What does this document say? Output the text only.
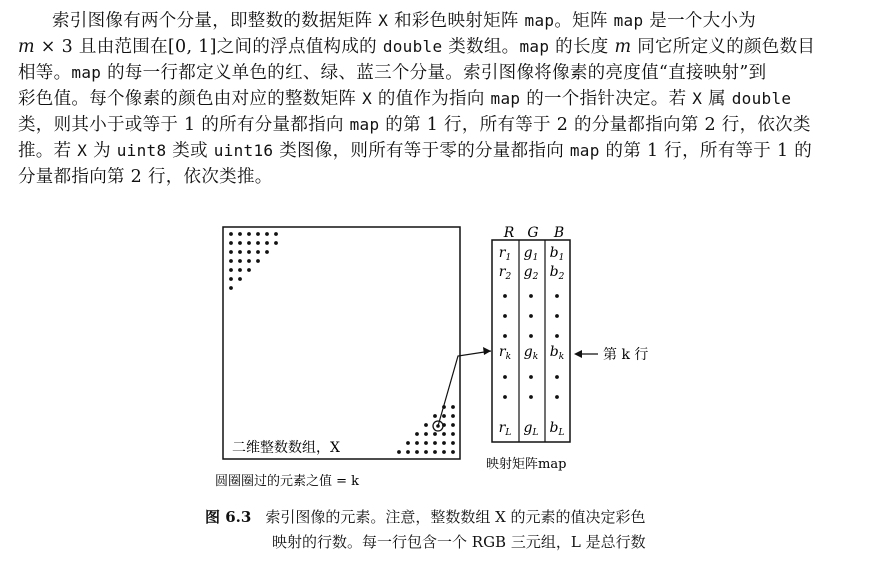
索引图像有两个分量，即整数的数据矩阵 X 和彩色映射矩阵 map。矩阵 map 是一个大小为
m × 3 且由范围在[0, 1]之间的浮点值构成的 double 类数组。map 的长度 m 同它所定义的颜色数目
相等。map 的每一行都定义单色的红、绿、蓝三个分量。索引图像将像素的亮度值“直接映射”到
彩色值。每个像素的颜色由对应的整数矩阵 X 的值作为指向 map 的一个指针决定。若 X 属 double
类，则其小于或等于 1 的所有分量都指向 map 的第 1 行，所有等于 2 的分量都指向第 2 行，依次类
推。若 X 为 uint8 类或 uint16 类图像，则所有等于零的分量都指向 map 的第 1 行，所有等于 1 的
分量都指向第 2 行，依次类推。
二维整数数组，X
圆圈圈过的元素之值 = k
R G B
$r_1$ $g_1$ $b_1$
$r_2$ $g_2$ $b_2$
$r_k$ $g_k$ $b_k$
$r_L$ $g_L$ $b_L$
第 k 行
映射矩阵map
图 6.3 索引图像的元素。注意，整数数组 X 的元素的值决定彩色
映射的行数。每一行包含一个 RGB 三元组，L 是总行数
